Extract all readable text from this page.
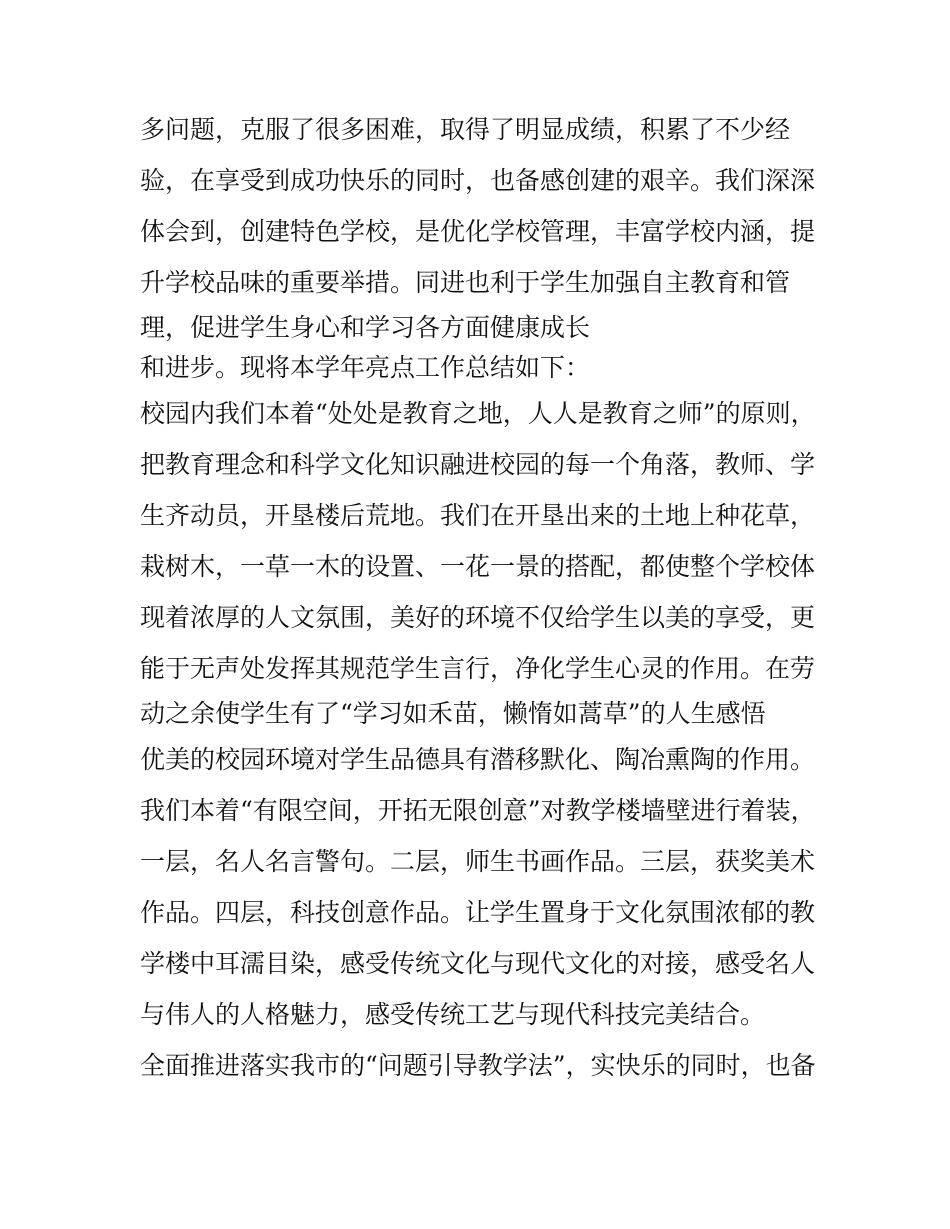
多问题，克服了很多困难，取得了明显成绩，积累了不少经
验，在享受到成功快乐的同时，也备感创建的艰辛。我们深深
体会到，创建特色学校，是优化学校管理，丰富学校内涵，提
升学校品味的重要举措。同进也利于学生加强自主教育和管
理，促进学生身心和学习各方面健康成长
和进步。现将本学年亮点工作总结如下：
校园内我们本着“处处是教育之地，人人是教育之师”的原则，
把教育理念和科学文化知识融进校园的每一个角落，教师、学
生齐动员，开垦楼后荒地。我们在开垦出来的土地上种花草，
栽树木，一草一木的设置、一花一景的搭配，都使整个学校体
现着浓厚的人文氛围，美好的环境不仅给学生以美的享受，更
能于无声处发挥其规范学生言行，净化学生心灵的作用。在劳
动之余使学生有了“学习如禾苗，懒惰如蒿草”的人生感悟
优美的校园环境对学生品德具有潜移默化、陶冶熏陶的作用。
我们本着“有限空间，开拓无限创意”对教学楼墙壁进行着装，
一层，名人名言警句。二层，师生书画作品。三层，获奖美术
作品。四层，科技创意作品。让学生置身于文化氛围浓郁的教
学楼中耳濡目染，感受传统文化与现代文化的对接，感受名人
与伟人的人格魅力，感受传统工艺与现代科技完美结合。
全面推进落实我市的“问题引导教学法”，实快乐的同时，也备
